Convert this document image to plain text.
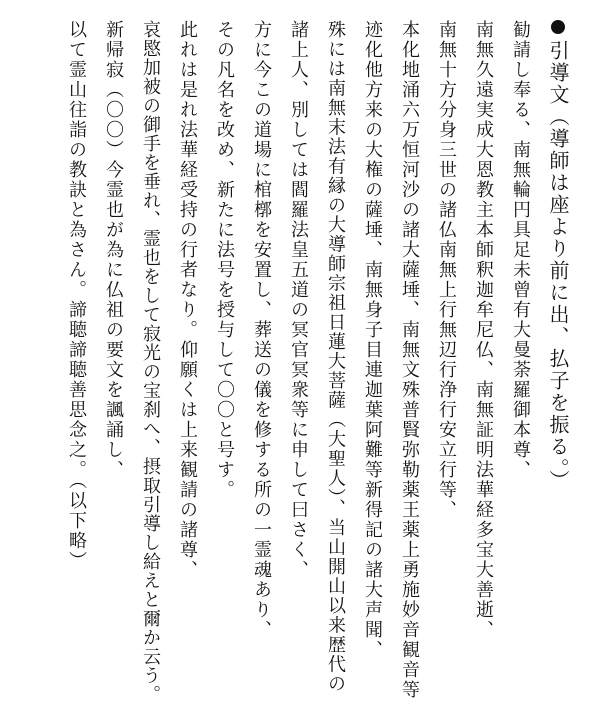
引導文（導師は座より前に出、払子を振る。）
勧請し奉る、南無輪円具足未曾有大曼荼羅御本尊、
南無久遠実成大恩教主本師釈迦牟尼仏、南無証明法華経多宝大善逝、
南無十方分身三世の諸仏南無上行無辺行浄行安立行等、
本化地涌六万恒河沙の諸大薩埵、南無文殊普賢弥勒薬王薬上勇施妙音観音等
迹化他方来の大権の薩埵、南無身子目連迦葉阿難等新得記の諸大声聞、
殊には南無末法有縁の大導師宗祖日蓮大菩薩（大聖人）、当山開山以来歴代の
諸上人、別しては閻羅法皇五道の冥官冥衆等に申して曰さく、
方に今この道場に棺槨を安置し、葬送の儀を修する所の一霊魂あり、
その凡名を改め、新たに法号を授与して〇〇と号す。
此れは是れ法華経受持の行者なり。仰願くは上来観請の諸尊、
哀愍加被の御手を垂れ、霊也をして寂光の宝刹へ、摂取引導し給えと爾か云う。
新帰寂（〇〇）今霊也が為に仏祖の要文を諷誦し、
以て霊山往詣の教訣と為さん。諦聴諦聴善思念之。（以下略）
